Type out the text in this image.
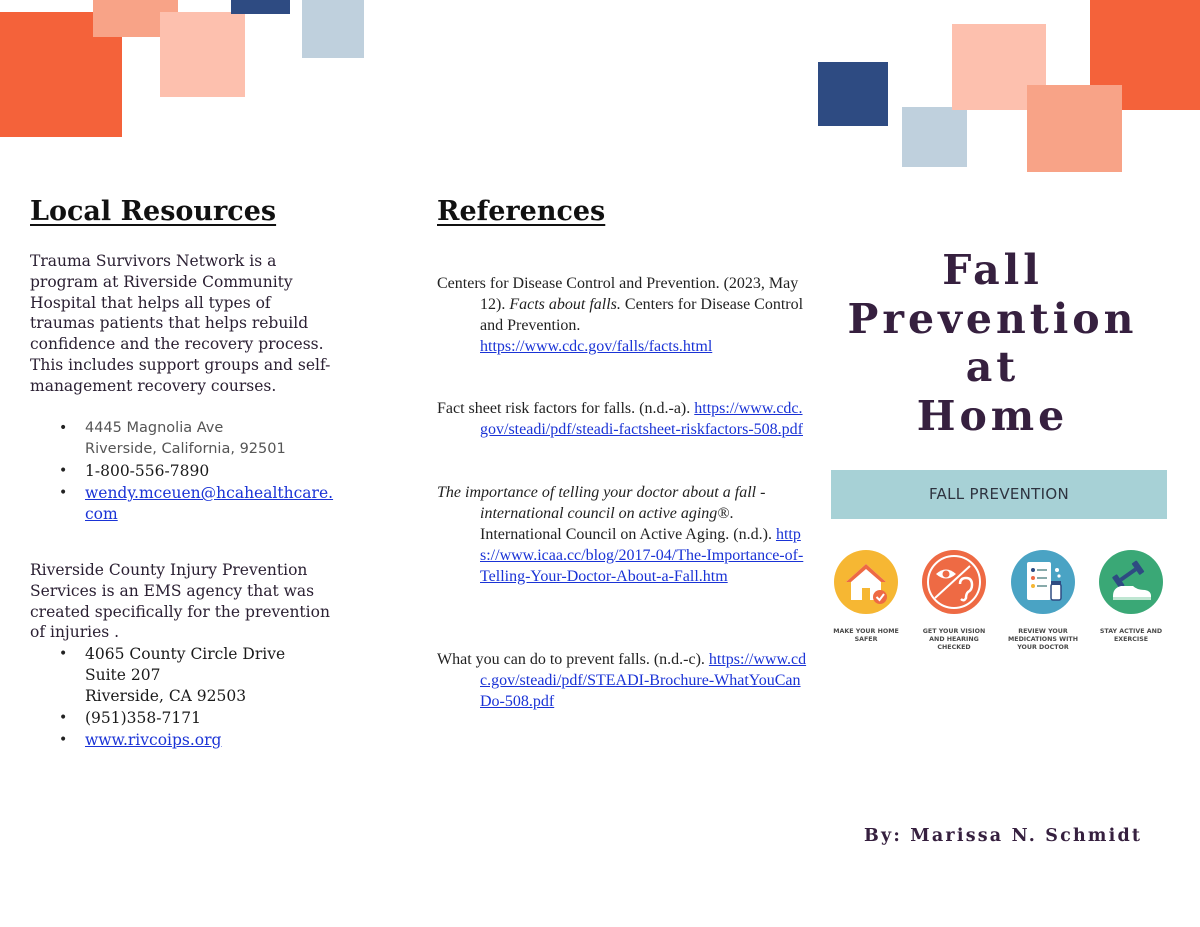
Local Resources

Trauma Survivors Network is a program at Riverside Community Hospital that helps all types of traumas patients that helps rebuild confidence and the recovery process. This includes support groups and self-management recovery courses.

• 4445 Magnolia Ave
Riverside, California, 92501
• 1-800-556-7890
• wendy.mceuen@hcahealthcare.com

Riverside County Injury Prevention Services is an EMS agency that was created specifically for the prevention of injuries .

• 4065 County Circle Drive
Suite 207
Riverside, CA 92503
• (951)358-7171
• www.rivcoips.org
References

Centers for Disease Control and Prevention. (2023, May 12). Facts about falls. Centers for Disease Control and Prevention. https://www.cdc.gov/falls/facts.html

Fact sheet risk factors for falls. (n.d.-a). https://www.cdc.gov/steadi/pdf/steadi-factsheet-riskfactors-508.pdf

The importance of telling your doctor about a fall - international council on active aging®. International Council on Active Aging. (n.d.). https://www.icaa.cc/blog/2017-04/The-Importance-of-Telling-Your-Doctor-About-a-Fall.htm

What you can do to prevent falls. (n.d.-c). https://www.cdc.gov/steadi/pdf/STEADI-Brochure-WhatYouCanDo-508.pdf

Fall
Prevention at
Home
FALL PREVENTION
MAKE YOUR HOME SAFER
GET YOUR VISION AND HEARING CHECKED
REVIEW YOUR MEDICATIONS WITH YOUR DOCTOR
STAY ACTIVE AND EXERCISE

By: Marissa N. Schmidt
